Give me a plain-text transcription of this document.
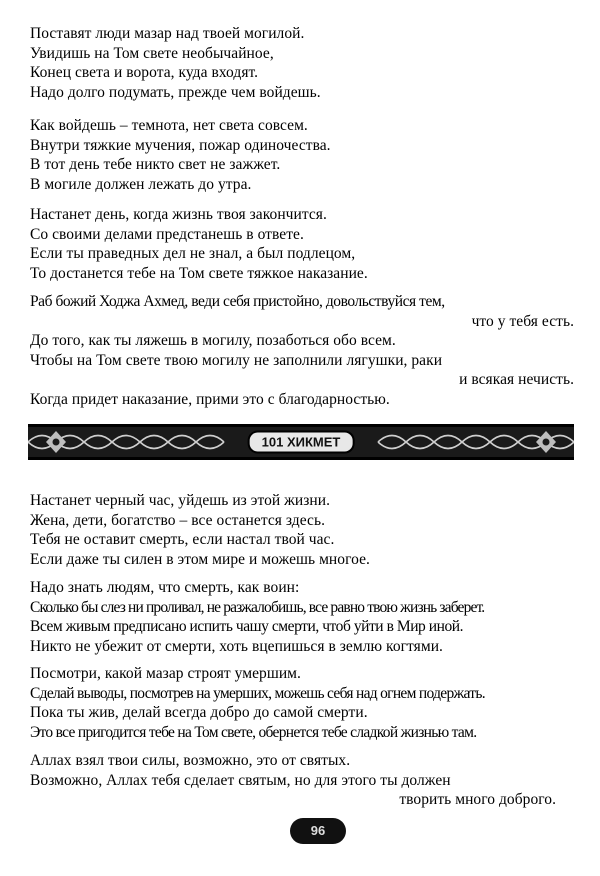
Поставят люди мазар над твоей могилой.
Увидишь на Том свете необычайное,
Конец света и ворота, куда входят.
Надо долго подумать, прежде чем войдешь.
Как войдешь – темнота, нет света совсем.
Внутри тяжкие мучения, пожар одиночества.
В тот день тебе никто свет не зажжет.
В могиле должен лежать до утра.
Настанет день, когда жизнь твоя закончится.
Со своими делами предстанешь в ответе.
Если ты праведных дел не знал, а был подлецом,
То достанется тебе на Том свете тяжкое наказание.
Раб божий Ходжа Ахмед, веди себя пристойно, довольствуйся тем,
что у тебя есть.
До того, как ты ляжешь в могилу, позаботься обо всем.
Чтобы на Том свете твою могилу не заполнили лягушки, раки
и всякая нечисть.
Когда придет наказание, прими это с благодарностью.
101 ХИКМЕТ
Настанет черный час, уйдешь из этой жизни.
Жена, дети, богатство – все останется здесь.
Тебя не оставит смерть, если настал твой час.
Если даже ты силен в этом мире и можешь многое.
Надо знать людям, что смерть, как воин:
Сколько бы слез ни проливал, не разжалобишь, все равно твою жизнь заберет.
Всем живым предписано испить чашу смерти, чтоб уйти в Мир иной.
Никто не убежит от смерти, хоть вцепишься в землю когтями.
Посмотри, какой мазар строят умершим.
Сделай выводы, посмотрев на умерших, можешь себя над огнем подержать.
Пока ты жив, делай всегда добро до самой смерти.
Это все пригодится тебе на Том свете, обернется тебе сладкой жизнью там.
Аллах взял твои силы, возможно, это от святых.
Возможно, Аллах тебя сделает святым, но для этого ты должен
творить много доброго.
96
